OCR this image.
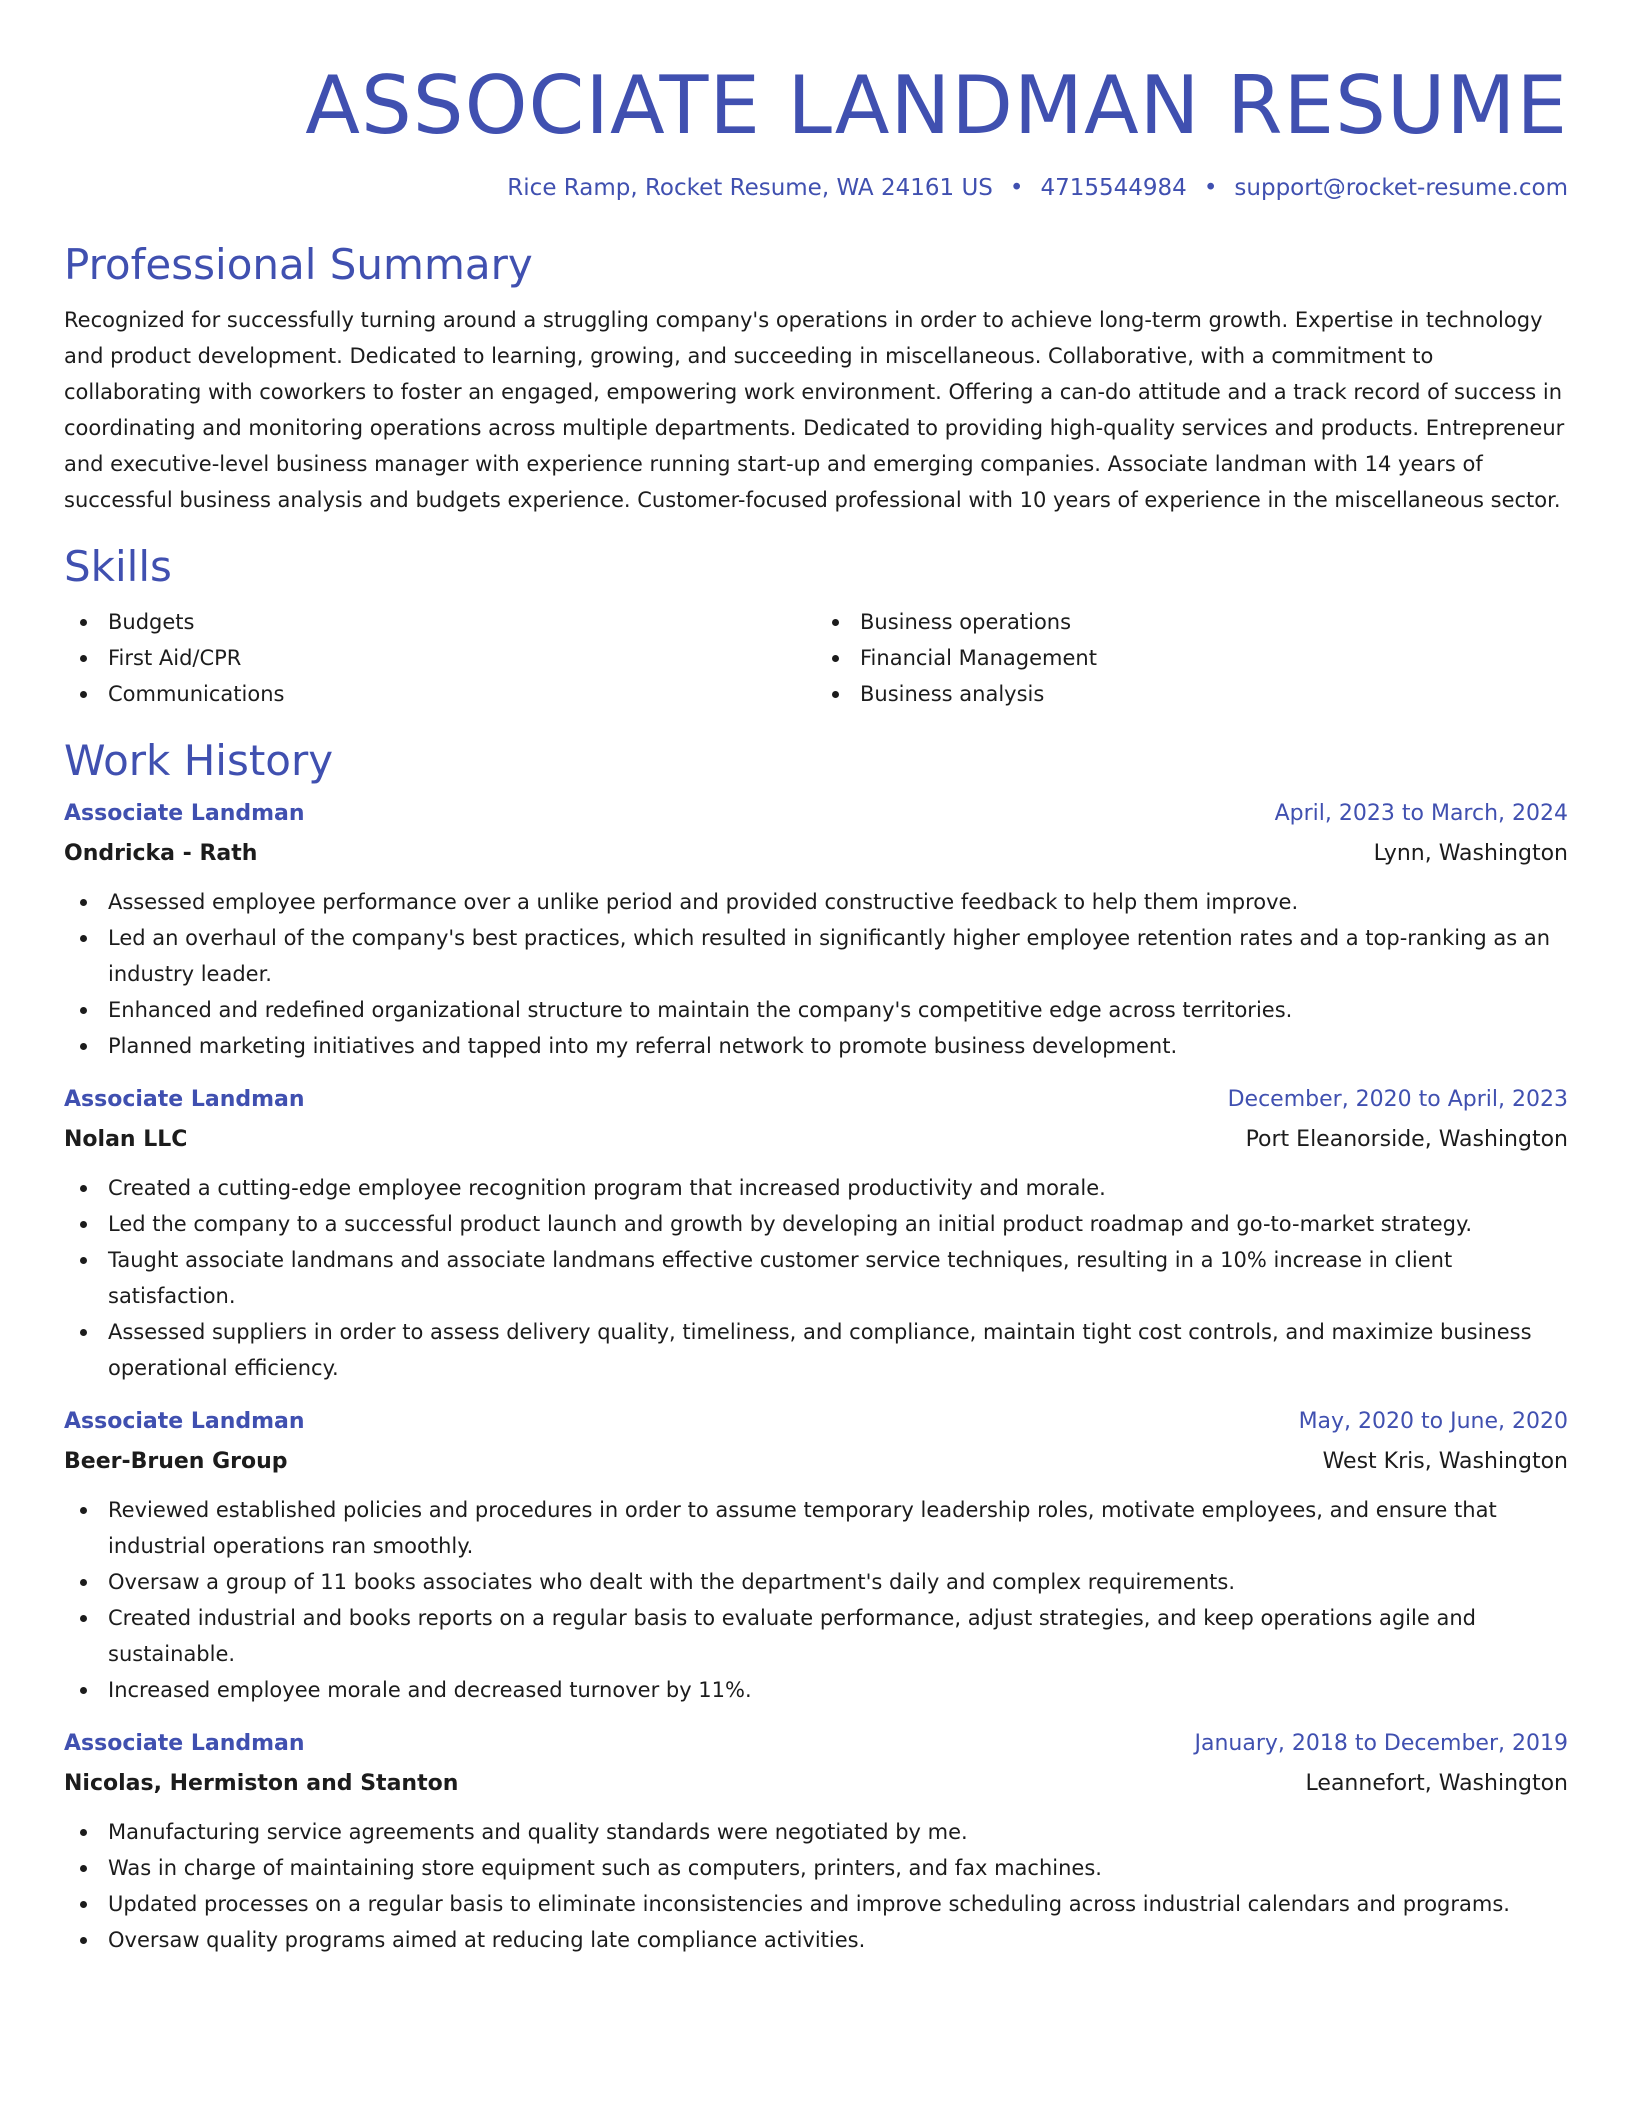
ASSOCIATE LANDMAN RESUME
Rice Ramp, Rocket Resume, WA 24161 US • 4715544984 • support@rocket-resume.com
Professional Summary

Recognized for successfully turning around a struggling company's operations in order to achieve long-term growth. Expertise in technology and product development. Dedicated to learning, growing, and succeeding in miscellaneous. Collaborative, with a commitment to collaborating with coworkers to foster an engaged, empowering work environment. Offering a can-do attitude and a track record of success in coordinating and monitoring operations across multiple departments. Dedicated to providing high-quality services and products. Entrepreneur and executive-level business manager with experience running start-up and emerging companies. Associate landman with 14 years of successful business analysis and budgets experience. Customer-focused professional with 10 years of experience in the miscellaneous sector.

Skills
Budgets
First Aid/CPR
Communications
Business operations
Financial Management
Business analysis
Work History
Associate Landman	April, 2023 to March, 2024
Ondricka - Rath	Lynn, Washington
Assessed employee performance over a unlike period and provided constructive feedback to help them improve.
Led an overhaul of the company's best practices, which resulted in significantly higher employee retention rates and a top-ranking as an industry leader.
Enhanced and redefined organizational structure to maintain the company's competitive edge across territories.
Planned marketing initiatives and tapped into my referral network to promote business development.
Associate Landman	December, 2020 to April, 2023
Nolan LLC	Port Eleanorside, Washington
Created a cutting-edge employee recognition program that increased productivity and morale.
Led the company to a successful product launch and growth by developing an initial product roadmap and go-to-market strategy.
Taught associate landmans and associate landmans effective customer service techniques, resulting in a 10% increase in client satisfaction.
Assessed suppliers in order to assess delivery quality, timeliness, and compliance, maintain tight cost controls, and maximize business operational efficiency.
Associate Landman	May, 2020 to June, 2020
Beer-Bruen Group	West Kris, Washington
Reviewed established policies and procedures in order to assume temporary leadership roles, motivate employees, and ensure that industrial operations ran smoothly.
Oversaw a group of 11 books associates who dealt with the department's daily and complex requirements.
Created industrial and books reports on a regular basis to evaluate performance, adjust strategies, and keep operations agile and sustainable.
Increased employee morale and decreased turnover by 11%.
Associate Landman	January, 2018 to December, 2019
Nicolas, Hermiston and Stanton	Leannefort, Washington
Manufacturing service agreements and quality standards were negotiated by me.
Was in charge of maintaining store equipment such as computers, printers, and fax machines.
Updated processes on a regular basis to eliminate inconsistencies and improve scheduling across industrial calendars and programs.
Oversaw quality programs aimed at reducing late compliance activities.
